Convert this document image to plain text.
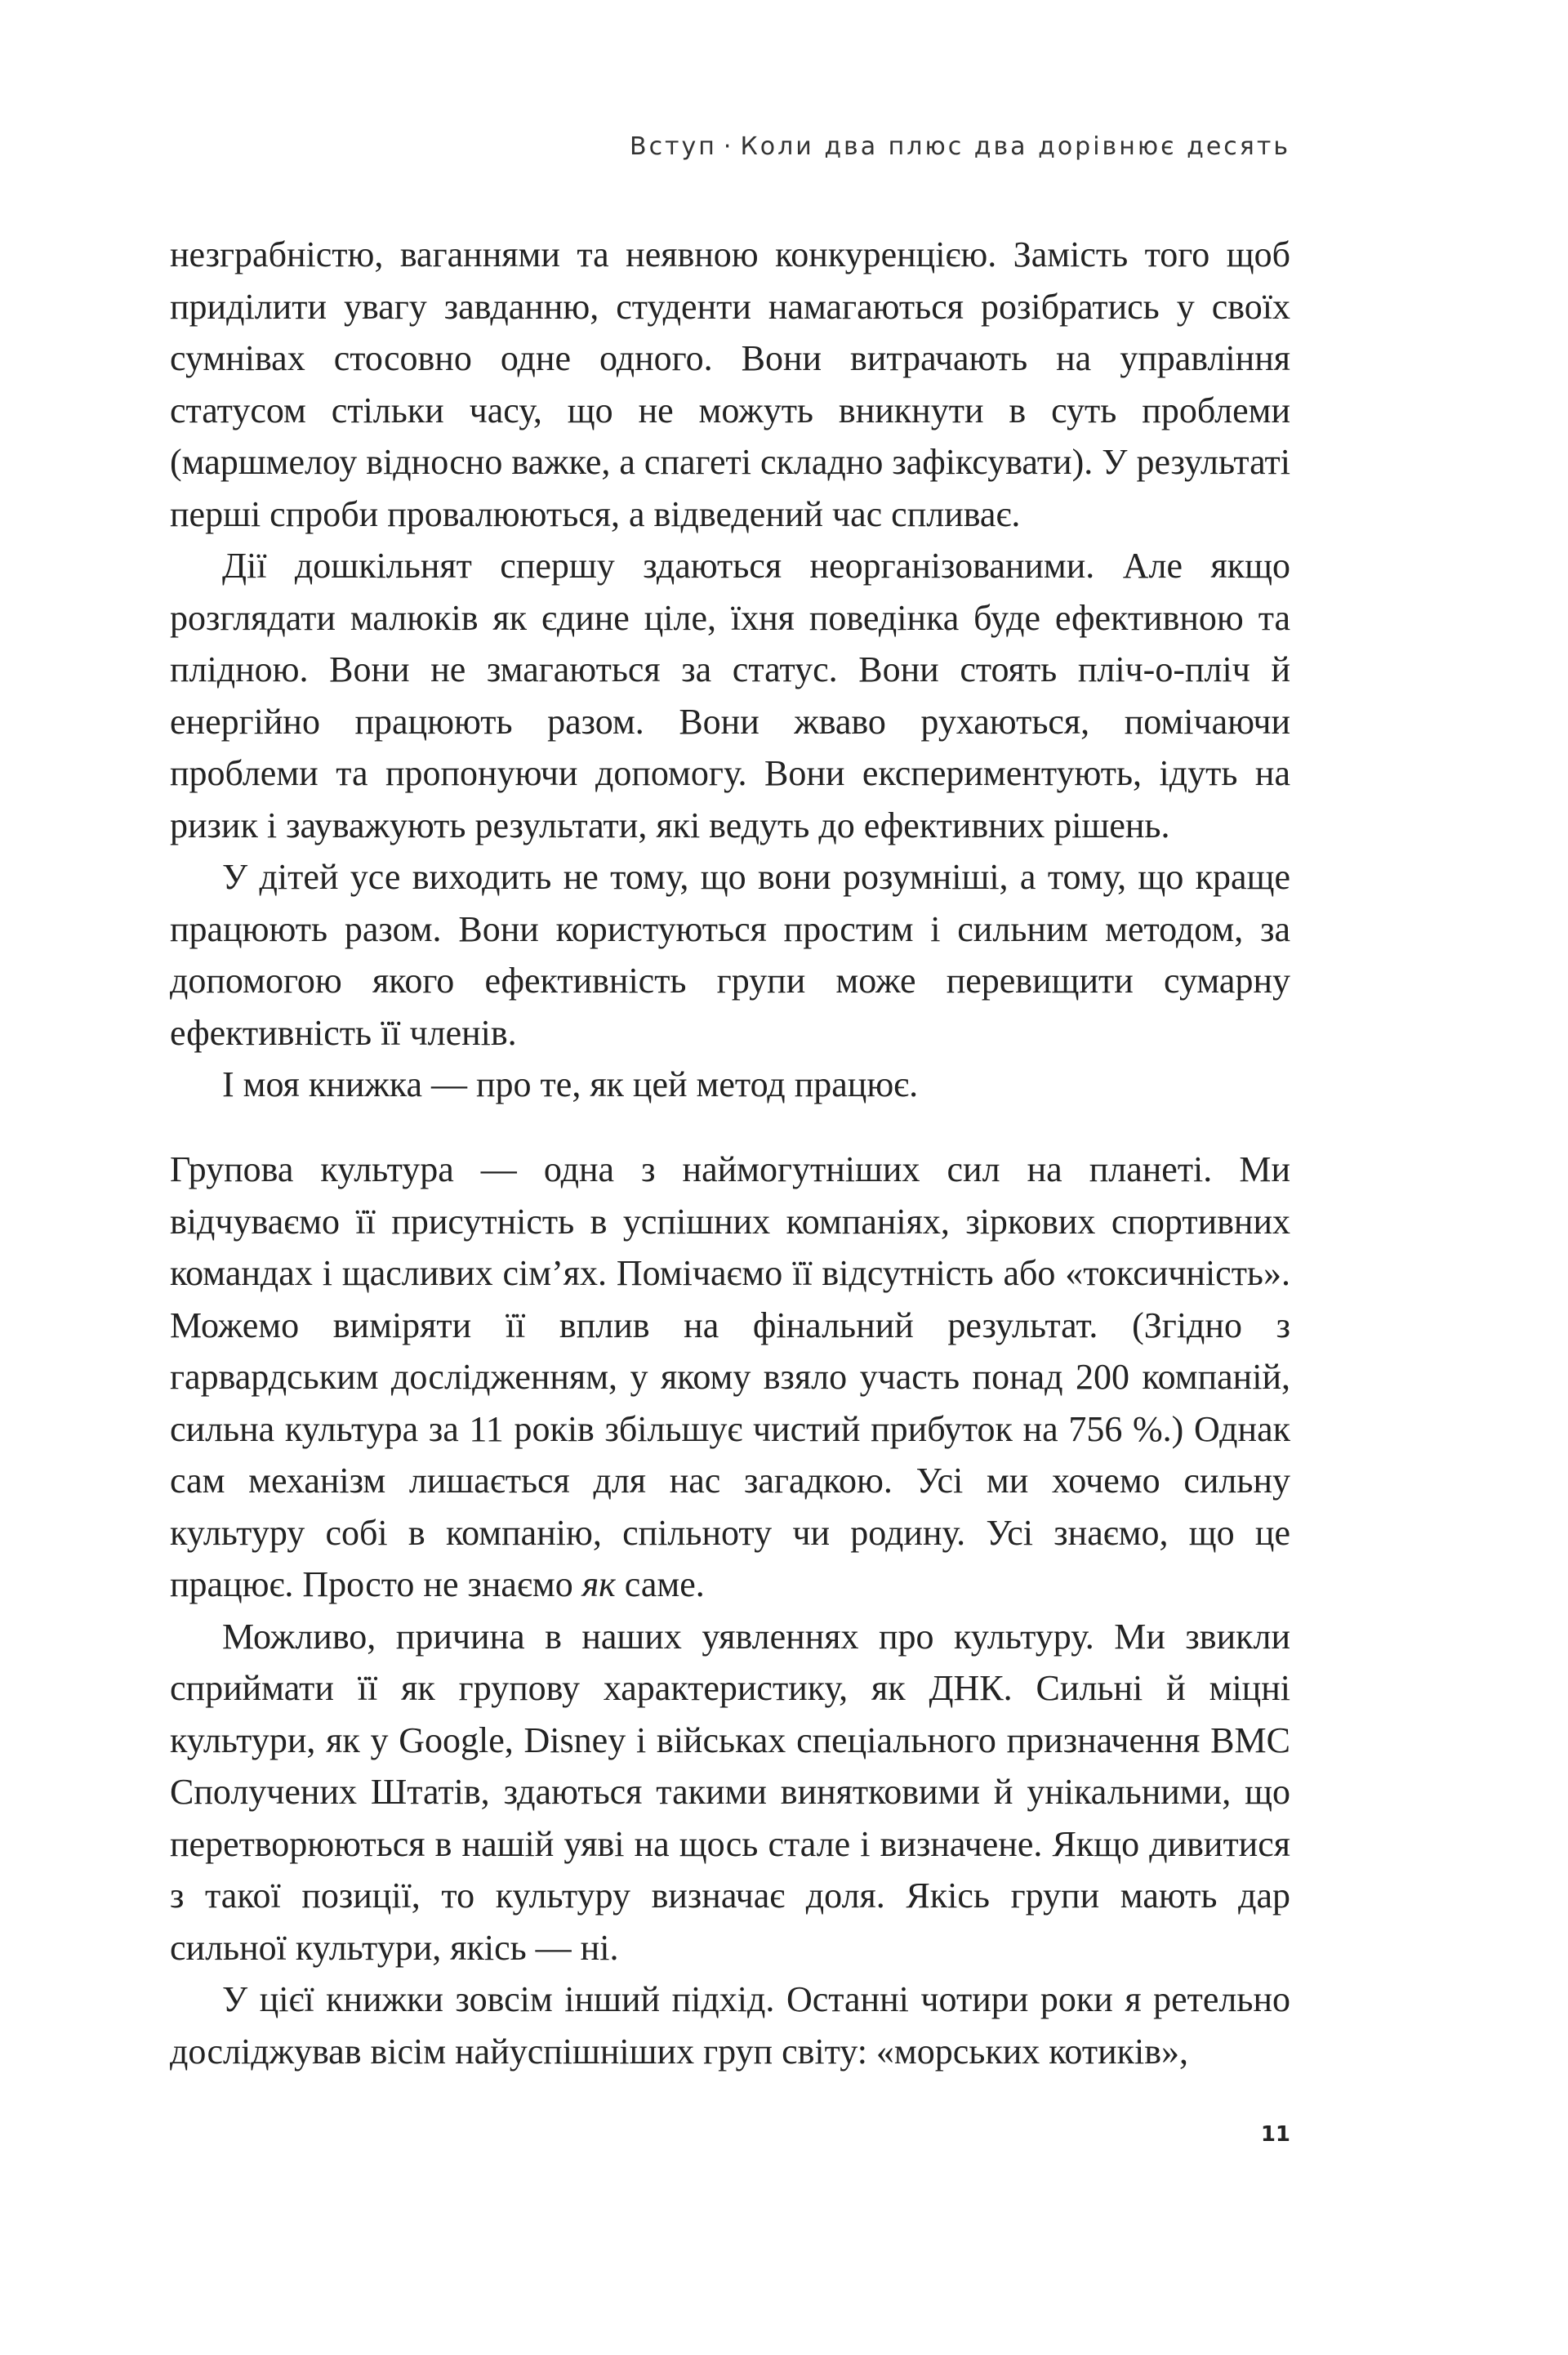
Вступ · Коли два плюс два дорівнює десять

незграбністю, ваганнями та неявною конкуренцією. Замість того щоб приділити увагу завданню, студенти намагаються розібратись у своїх сумнівах стосовно одне одного. Вони витрачають на управління статусом стільки часу, що не можуть вникнути в суть проблеми (маршмелоу відносно важке, а спагеті складно зафіксувати). У результаті перші спроби провалюються, а відведений час спливає.

Дії дошкільнят спершу здаються неорганізованими. Але якщо розглядати малюків як єдине ціле, їхня поведінка буде ефективною та плідною. Вони не змагаються за статус. Вони стоять пліч-о-пліч й енергійно працюють разом. Вони жваво рухаються, помічаючи проблеми та пропонуючи допомогу. Вони експериментують, ідуть на ризик і зауважують результати, які ведуть до ефективних рішень.

У дітей усе виходить не тому, що вони розумніші, а тому, що краще працюють разом. Вони користуються простим і сильним методом, за допомогою якого ефективність групи може перевищити сумарну ефективність її членів.

І моя книжка — про те, як цей метод працює.

Групова культура — одна з наймогутніших сил на планеті. Ми відчуваємо її присутність в успішних компаніях, зіркових спортивних командах і щасливих сім’ях. Помічаємо її відсутність або «токсичність». Можемо виміряти її вплив на фінальний результат. (Згідно з гарвардським дослідженням, у якому взяло участь понад 200 компаній, сильна культура за 11 років збільшує чистий прибуток на 756 %.) Однак сам механізм лишається для нас загадкою. Усі ми хочемо сильну культуру собі в компанію, спільноту чи родину. Усі знаємо, що це працює. Просто не знаємо як саме.

Можливо, причина в наших уявленнях про культуру. Ми звикли сприймати її як групову характеристику, як ДНК. Сильні й міцні культури, як у Google, Disney і військах спеціального призначення ВМС Сполучених Штатів, здаються такими винятковими й унікальними, що перетворюються в нашій уяві на щось стале і визначене. Якщо дивитися з такої позиції, то культуру визначає доля. Якісь групи мають дар сильної культури, якісь — ні.

У цієї книжки зовсім інший підхід. Останні чотири роки я ретельно досліджував вісім найуспішніших груп світу: «морських котиків»,

11
